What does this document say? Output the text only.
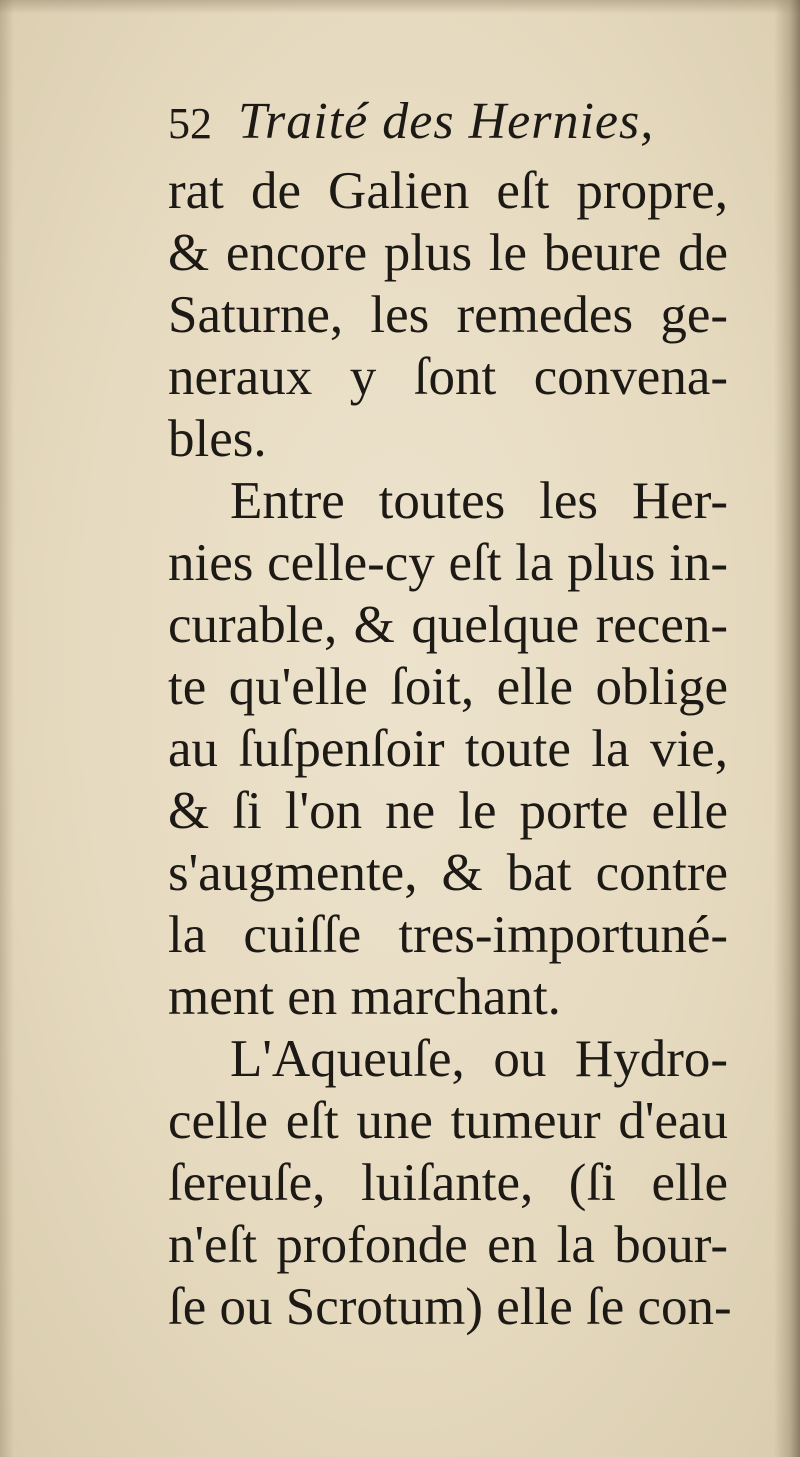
52 Traité des Hernies,
rat de Galien eſt propre,
& encore plus le beure de
Saturne, les remedes ge-
neraux y ſont convena-
bles.
Entre toutes les Her-
nies celle-cy eſt la plus in-
curable, & quelque recen-
te qu'elle ſoit, elle oblige
au ſuſpenſoir toute la vie,
& ſi l'on ne le porte elle
s'augmente, & bat contre
la cuiſſe tres-importuné-
ment en marchant.
L'Aqueuſe, ou Hydro-
celle eſt une tumeur d'eau
ſereuſe, luiſante, (ſi elle
n'eſt profonde en la bour-
ſe ou Scrotum) elle ſe con-
